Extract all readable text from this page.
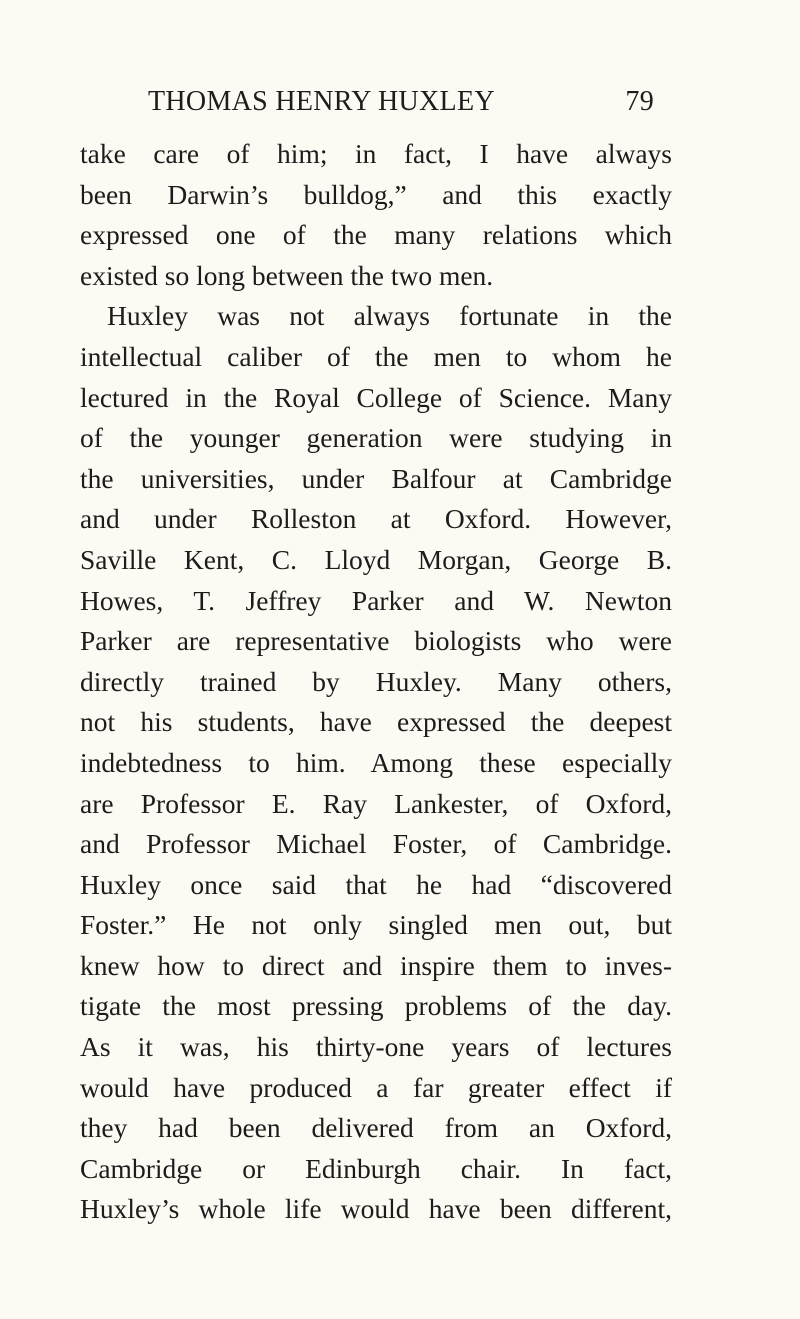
THOMAS HENRY HUXLEY	79
take care of him; in fact, I have always
been Darwin’s bulldog,” and this exactly
expressed one of the many relations which
existed so long between the two men.
Huxley was not always fortunate in the
intellectual caliber of the men to whom he
lectured in the Royal College of Science. Many
of the younger generation were studying in
the universities, under Balfour at Cambridge
and under Rolleston at Oxford. However,
Saville Kent, C. Lloyd Morgan, George B.
Howes, T. Jeffrey Parker and W. Newton
Parker are representative biologists who were
directly trained by Huxley. Many others,
not his students, have expressed the deepest
indebtedness to him. Among these especially
are Professor E. Ray Lankester, of Oxford,
and Professor Michael Foster, of Cambridge.
Huxley once said that he had “discovered
Foster.” He not only singled men out, but
knew how to direct and inspire them to inves-
tigate the most pressing problems of the day.
As it was, his thirty-one years of lectures
would have produced a far greater effect if
they had been delivered from an Oxford,
Cambridge or Edinburgh chair. In fact,
Huxley’s whole life would have been different,
